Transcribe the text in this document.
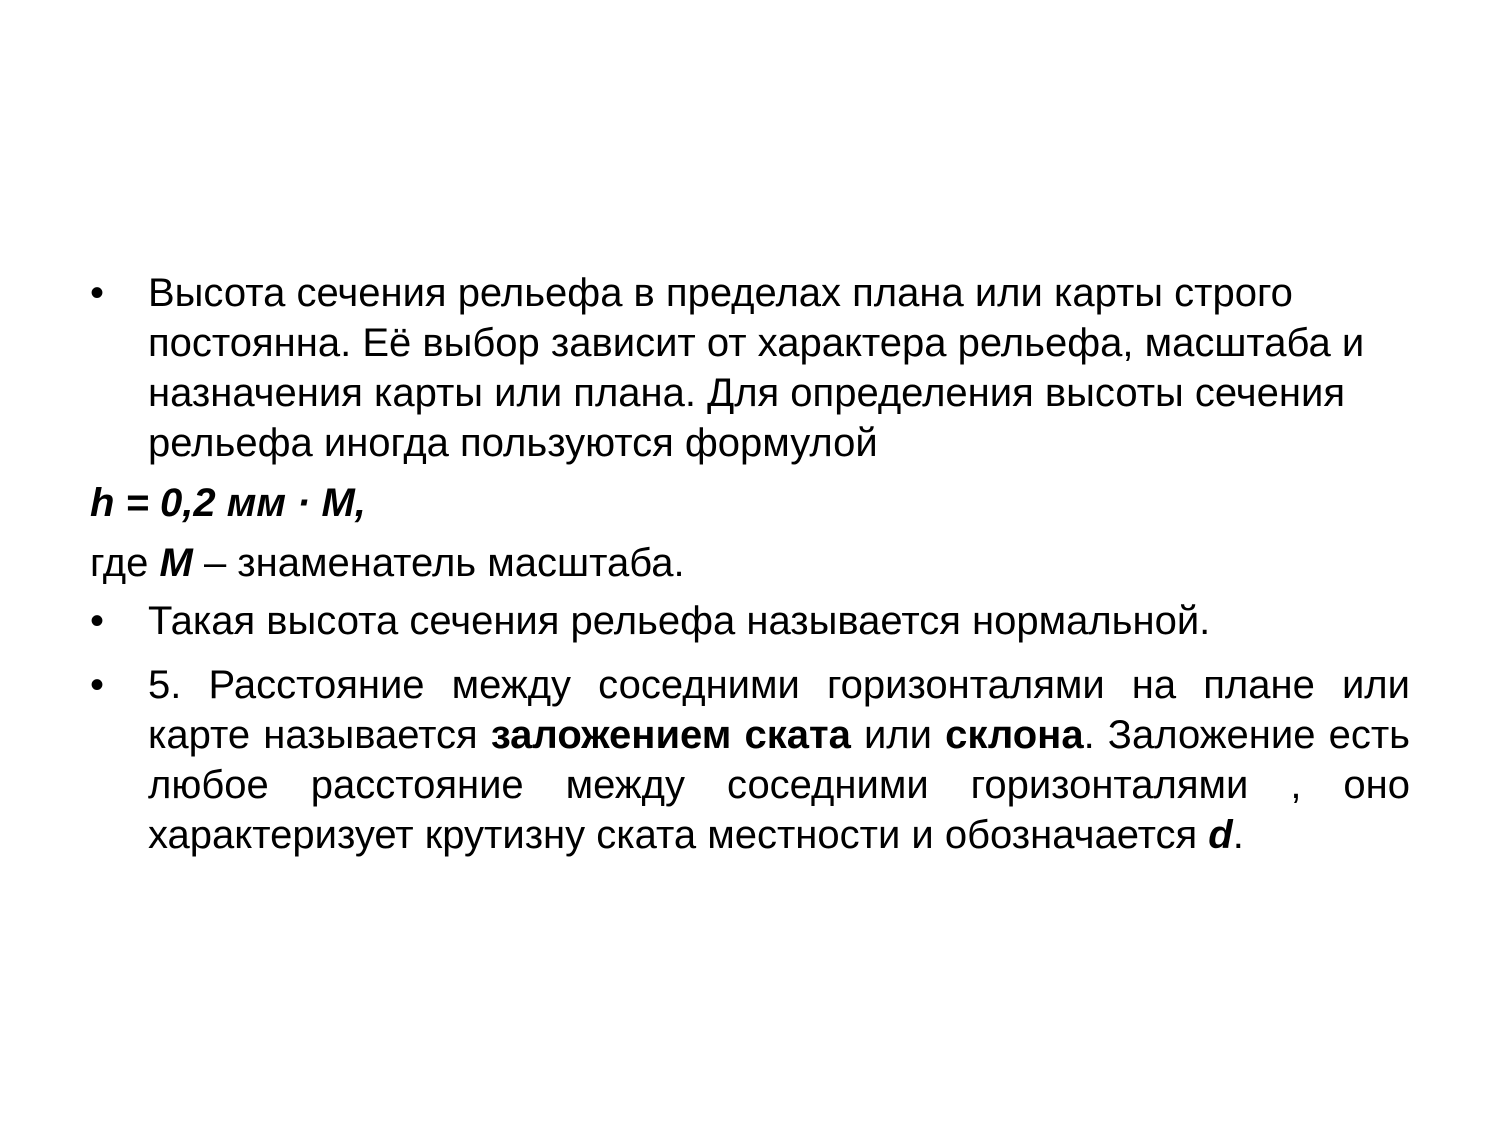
• Высота сечения рельефа в пределах плана или карты строго постоянна. Её выбор зависит от характера рельефа, масштаба и назначения карты или плана. Для определения высоты сечения рельефа иногда пользуются формулой
h = 0,2 мм · М,
где М – знаменатель масштаба.
• Такая высота сечения рельефа называется нормальной.
• 5. Расстояние между соседними горизонталями на плане или карте называется заложением ската или склона. Заложение есть любое расстояние между соседними горизонталями , оно характеризует крутизну ската местности и обозначается d.
